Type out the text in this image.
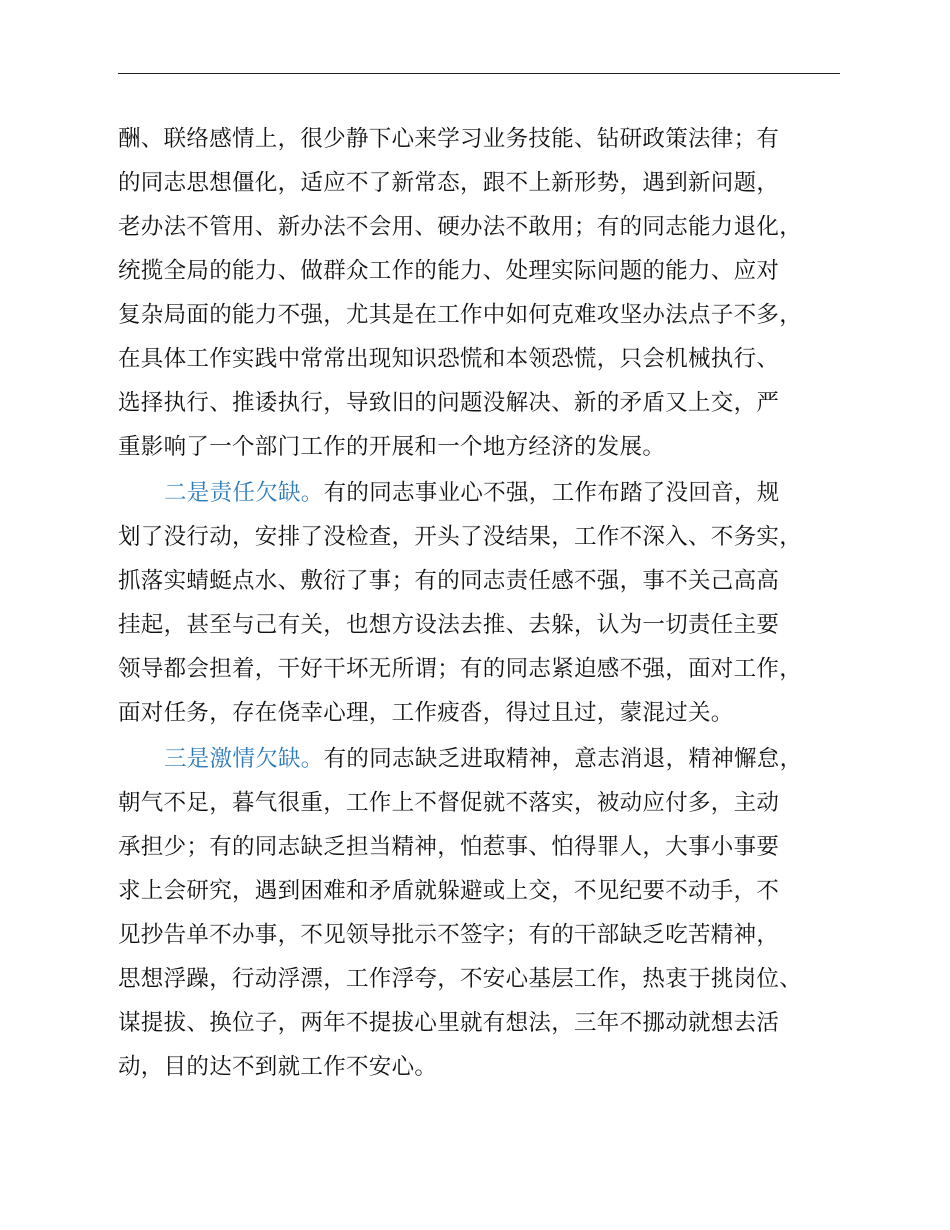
酬、联络感情上，很少静下心来学习业务技能、钻研政策法律；有
的同志思想僵化，适应不了新常态，跟不上新形势，遇到新问题，
老办法不管用、新办法不会用、硬办法不敢用；有的同志能力退化，
统揽全局的能力、做群众工作的能力、处理实际问题的能力、应对
复杂局面的能力不强，尤其是在工作中如何克难攻坚办法点子不多，
在具体工作实践中常常出现知识恐慌和本领恐慌，只会机械执行、
选择执行、推诿执行，导致旧的问题没解决、新的矛盾又上交，严
重影响了一个部门工作的开展和一个地方经济的发展。
二是责任欠缺。有的同志事业心不强，工作布踏了没回音，规
划了没行动，安排了没检查，开头了没结果，工作不深入、不务实，
抓落实蜻蜓点水、敷衍了事；有的同志责任感不强，事不关己高高
挂起，甚至与己有关，也想方设法去推、去躲，认为一切责任主要
领导都会担着，干好干坏无所谓；有的同志紧迫感不强，面对工作，
面对任务，存在侥幸心理，工作疲沓，得过且过，蒙混过关。
三是激情欠缺。有的同志缺乏进取精神，意志消退，精神懈怠，
朝气不足，暮气很重，工作上不督促就不落实，被动应付多，主动
承担少；有的同志缺乏担当精神，怕惹事、怕得罪人，大事小事要
求上会研究，遇到困难和矛盾就躲避或上交，不见纪要不动手，不
见抄告单不办事，不见领导批示不签字；有的干部缺乏吃苦精神，
思想浮躁，行动浮漂，工作浮夸，不安心基层工作，热衷于挑岗位、
谋提拔、换位子，两年不提拔心里就有想法，三年不挪动就想去活
动，目的达不到就工作不安心。
